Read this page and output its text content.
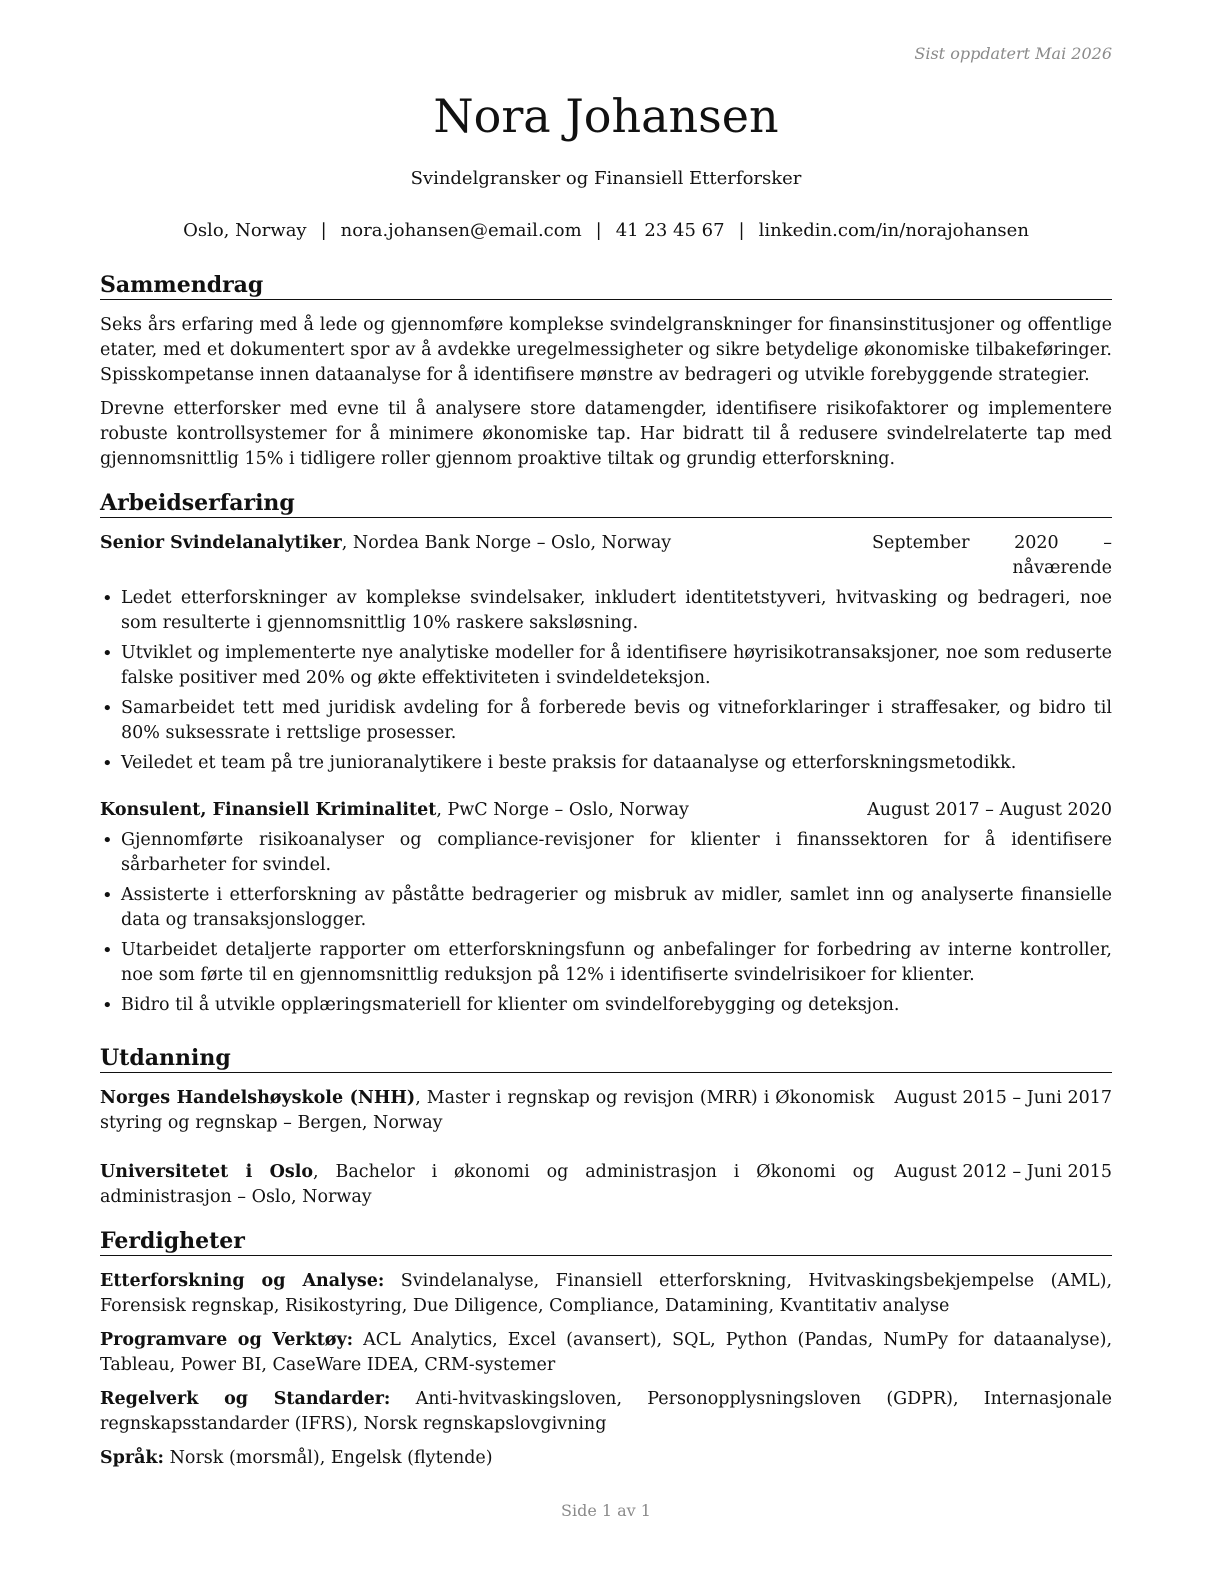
Sist oppdatert Mai 2026
Nora Johansen
Svindelgransker og Finansiell Etterforsker
Oslo, Norway | nora.johansen@email.com | 41 23 45 67 | linkedin.com/in/norajohansen
Sammendrag

Seks års erfaring med å lede og gjennomføre komplekse svindelgranskninger for finansinstitusjoner og offentlige etater, med et dokumentert spor av å avdekke uregelmessigheter og sikre betydelige økonomiske tilbakeføringer. Spisskompetanse innen dataanalyse for å identifisere mønstre av bedrageri og utvikle forebyggende strategier.

Drevne etterforsker med evne til å analysere store datamengder, identifisere risikofaktorer og implementere robuste kontrollsystemer for å minimere økonomiske tap. Har bidratt til å redusere svindelrelaterte tap med gjennomsnittlig 15% i tidligere roller gjennom proaktive tiltak og grundig etterforskning.

Arbeidserfaring
Senior Svindelanalytiker, Nordea Bank Norge – Oslo, Norway	September 2020 – nåværende
• Ledet etterforskninger av komplekse svindelsaker, inkludert identitetstyveri, hvitvasking og bedrageri, noe som resulterte i gjennomsnittlig 10% raskere saksløsning.
• Utviklet og implementerte nye analytiske modeller for å identifisere høyrisikotransaksjoner, noe som reduserte falske positiver med 20% og økte effektiviteten i svindeldeteksjon.
• Samarbeidet tett med juridisk avdeling for å forberede bevis og vitneforklaringer i straffesaker, og bidro til 80% suksessrate i rettslige prosesser.
• Veiledet et team på tre junioranalytikere i beste praksis for dataanalyse og etterforskningsmetodikk.
Konsulent, Finansiell Kriminalitet, PwC Norge – Oslo, Norway	August 2017 – August 2020
• Gjennomførte risikoanalyser og compliance-revisjoner for klienter i finanssektoren for å identifisere sårbarheter for svindel.
• Assisterte i etterforskning av påståtte bedragerier og misbruk av midler, samlet inn og analyserte finansielle data og transaksjonslogger.
• Utarbeidet detaljerte rapporter om etterforskningsfunn og anbefalinger for forbedring av interne kontroller, noe som førte til en gjennomsnittlig reduksjon på 12% i identifiserte svindelrisikoer for klienter.
• Bidro til å utvikle opplæringsmateriell for klienter om svindelforebygging og deteksjon.
Utdanning
Norges Handelshøyskole (NHH), Master i regnskap og revisjon (MRR) i Økonomisk styring og regnskap – Bergen, Norway
August 2015 – Juni 2017
Universitetet i Oslo, Bachelor i økonomi og administrasjon i Økonomi og administrasjon – Oslo, Norway
August 2012 – Juni 2015
Ferdigheter

Etterforskning og Analyse: Svindelanalyse, Finansiell etterforskning, Hvitvaskingsbekjempelse (AML), Forensisk regnskap, Risikostyring, Due Diligence, Compliance, Datamining, Kvantitativ analyse

Programvare og Verktøy: ACL Analytics, Excel (avansert), SQL, Python (Pandas, NumPy for dataanalyse), Tableau, Power BI, CaseWare IDEA, CRM-systemer

Regelverk og Standarder: Anti-hvitvaskingsloven, Personopplysningsloven (GDPR), Internasjonale regnskapsstandarder (IFRS), Norsk regnskapslovgivning

Språk: Norsk (morsmål), Engelsk (flytende)

Side 1 av 1
